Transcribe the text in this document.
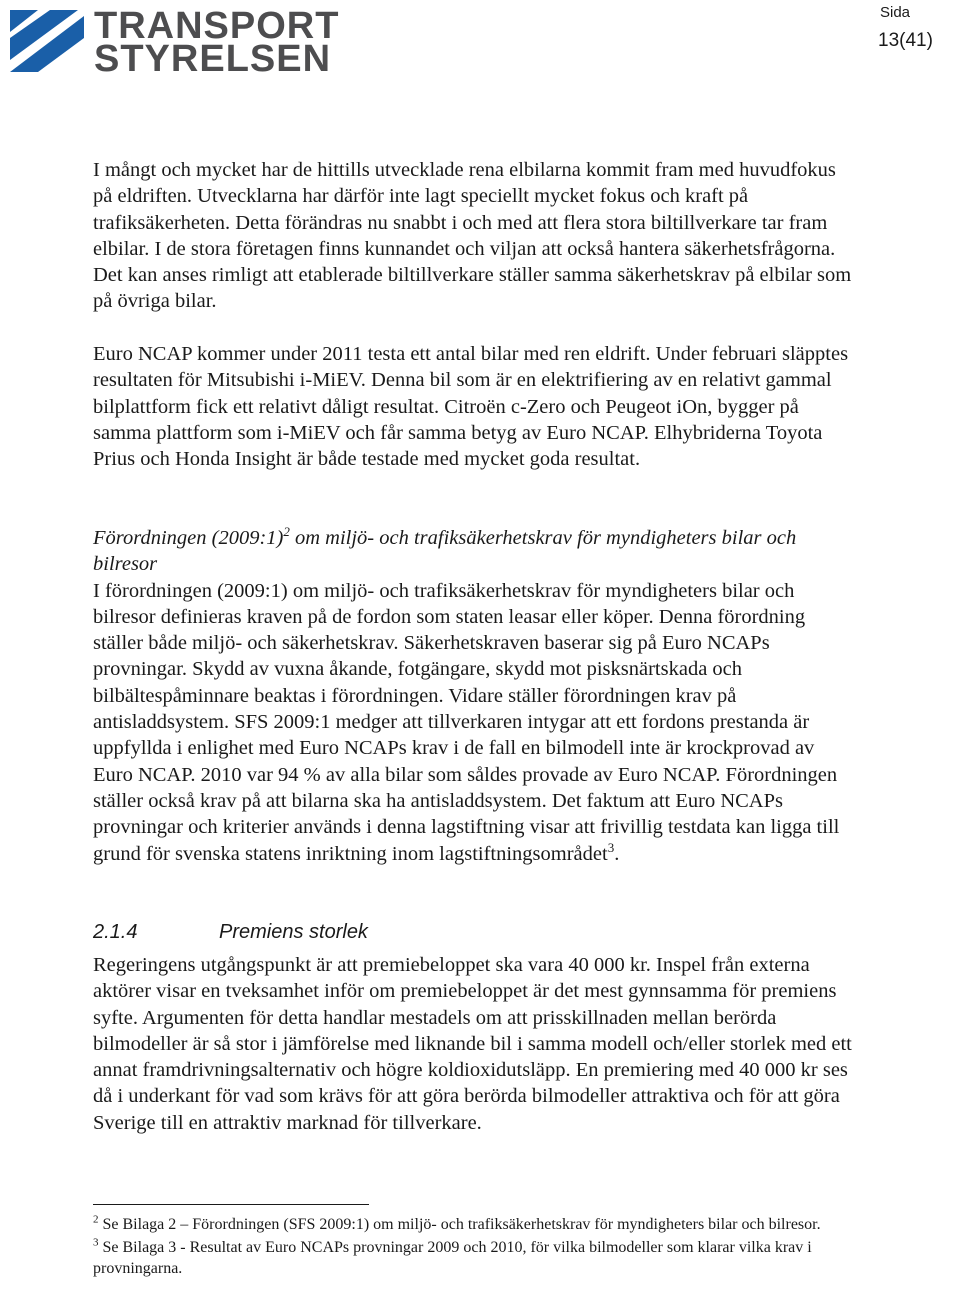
TRANSPORT
STYRELSEN
Sida
13(41)

I mångt och mycket har de hittills utvecklade rena elbilarna kommit fram med huvudfokus på eldriften. Utvecklarna har därför inte lagt speciellt mycket fokus och kraft på trafiksäkerheten. Detta förändras nu snabbt i och med att flera stora biltillverkare tar fram elbilar. I de stora företagen finns kunnandet och viljan att också hantera säkerhetsfrågorna. Det kan anses rimligt att etablerade biltillverkare ställer samma säkerhetskrav på elbilar som på övriga bilar.

Euro NCAP kommer under 2011 testa ett antal bilar med ren eldrift. Under februari släpptes resultaten för Mitsubishi i-MiEV. Denna bil som är en elektrifiering av en relativt gammal bilplattform fick ett relativt dåligt resultat. Citroën c-Zero och Peugeot iOn, bygger på samma plattform som i-MiEV och får samma betyg av Euro NCAP. Elhybriderna Toyota Prius och Honda Insight är både testade med mycket goda resultat.

Förordningen (2009:1)$^2$ om miljö- och trafiksäkerhetskrav för myndigheters bilar och bilresor

I förordningen (2009:1) om miljö- och trafiksäkerhetskrav för myndigheters bilar och bilresor definieras kraven på de fordon som staten leasar eller köper. Denna förordning ställer både miljö- och säkerhetskrav. Säkerhetskraven baserar sig på Euro NCAPs provningar. Skydd av vuxna åkande, fotgängare, skydd mot pisksnärtskada och bilbältespåminnare beaktas i förordningen. Vidare ställer förordningen krav på antisladdsystem. SFS 2009:1 medger att tillverkaren intygar att ett fordons prestanda är uppfyllda i enlighet med Euro NCAPs krav i de fall en bilmodell inte är krockprovad av Euro NCAP. 2010 var 94 % av alla bilar som såldes provade av Euro NCAP. Förordningen ställer också krav på att bilarna ska ha antisladdsystem. Det faktum att Euro NCAPs provningar och kriterier används i denna lagstiftning visar att frivillig testdata kan ligga till grund för svenska statens inriktning inom lagstiftningsområdet$^3$.

2.1.4	Premiens storlek

Regeringens utgångspunkt är att premiebeloppet ska vara 40 000 kr. Inspel från externa aktörer visar en tveksamhet inför om premiebeloppet är det mest gynnsamma för premiens syfte. Argumenten för detta handlar mestadels om att prisskillnaden mellan berörda bilmodeller är så stor i jämförelse med liknande bil i samma modell och/eller storlek med ett annat framdrivningsalternativ och högre koldioxidutsläpp. En premiering med 40 000 kr ses då i underkant för vad som krävs för att göra berörda bilmodeller attraktiva och för att göra Sverige till en attraktiv marknad för tillverkare.

$^2$ Se Bilaga 2 – Förordningen (SFS 2009:1) om miljö- och trafiksäkerhetskrav för myndigheters bilar och bilresor.

$^3$ Se Bilaga 3 - Resultat av Euro NCAPs provningar 2009 och 2010, för vilka bilmodeller som klarar vilka krav i provningarna.
